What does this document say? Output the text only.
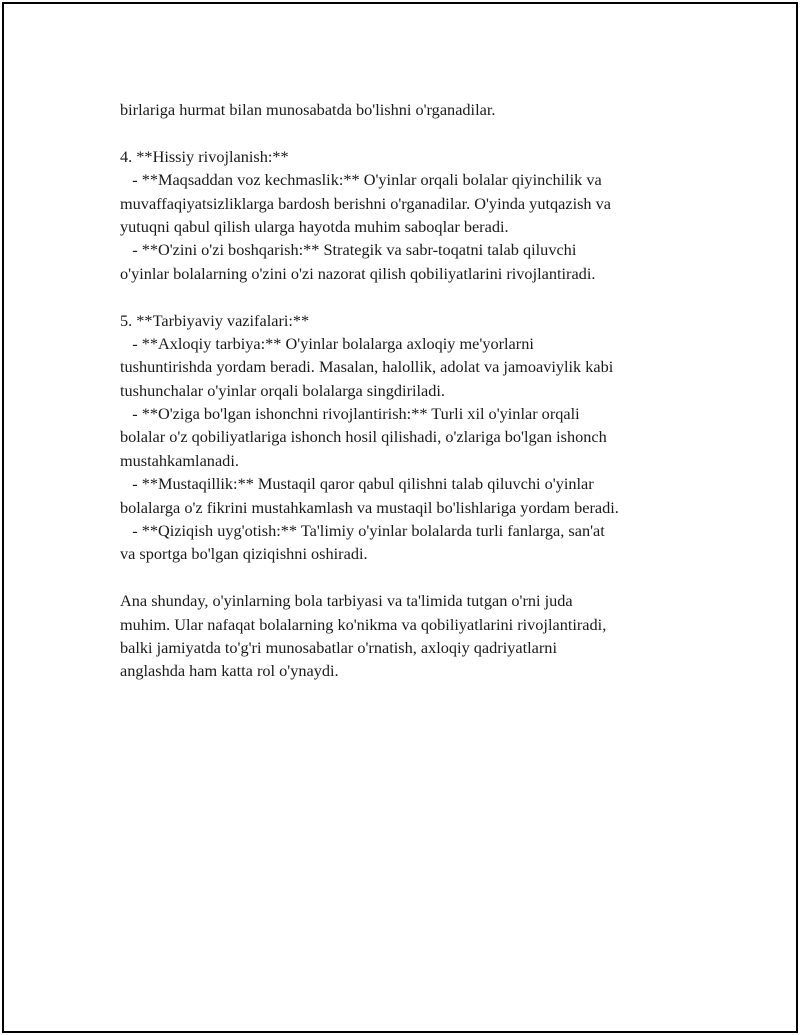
birlariga hurmat bilan munosabatda bo'lishni o'rganadilar.
4. **Hissiy rivojlanish:**
- **Maqsaddan voz kechmaslik:** O'yinlar orqali bolalar qiyinchilik va
muvaffaqiyatsizliklarga bardosh berishni o'rganadilar. O'yinda yutqazish va
yutuqni qabul qilish ularga hayotda muhim saboqlar beradi.
- **O'zini o'zi boshqarish:** Strategik va sabr-toqatni talab qiluvchi
o'yinlar bolalarning o'zini o'zi nazorat qilish qobiliyatlarini rivojlantiradi.
5. **Tarbiyaviy vazifalari:**
- **Axloqiy tarbiya:** O'yinlar bolalarga axloqiy me'yorlarni
tushuntirishda yordam beradi. Masalan, halollik, adolat va jamoaviylik kabi
tushunchalar o'yinlar orqali bolalarga singdiriladi.
- **O'ziga bo'lgan ishonchni rivojlantirish:** Turli xil o'yinlar orqali
bolalar o'z qobiliyatlariga ishonch hosil qilishadi, o'zlariga bo'lgan ishonch
mustahkamlanadi.
- **Mustaqillik:** Mustaqil qaror qabul qilishni talab qiluvchi o'yinlar
bolalarga o'z fikrini mustahkamlash va mustaqil bo'lishlariga yordam beradi.
- **Qiziqish uyg'otish:** Ta'limiy o'yinlar bolalarda turli fanlarga, san'at
va sportga bo'lgan qiziqishni oshiradi.
Ana shunday, o'yinlarning bola tarbiyasi va ta'limida tutgan o'rni juda
muhim. Ular nafaqat bolalarning ko'nikma va qobiliyatlarini rivojlantiradi,
balki jamiyatda to'g'ri munosabatlar o'rnatish, axloqiy qadriyatlarni
anglashda ham katta rol o'ynaydi.
